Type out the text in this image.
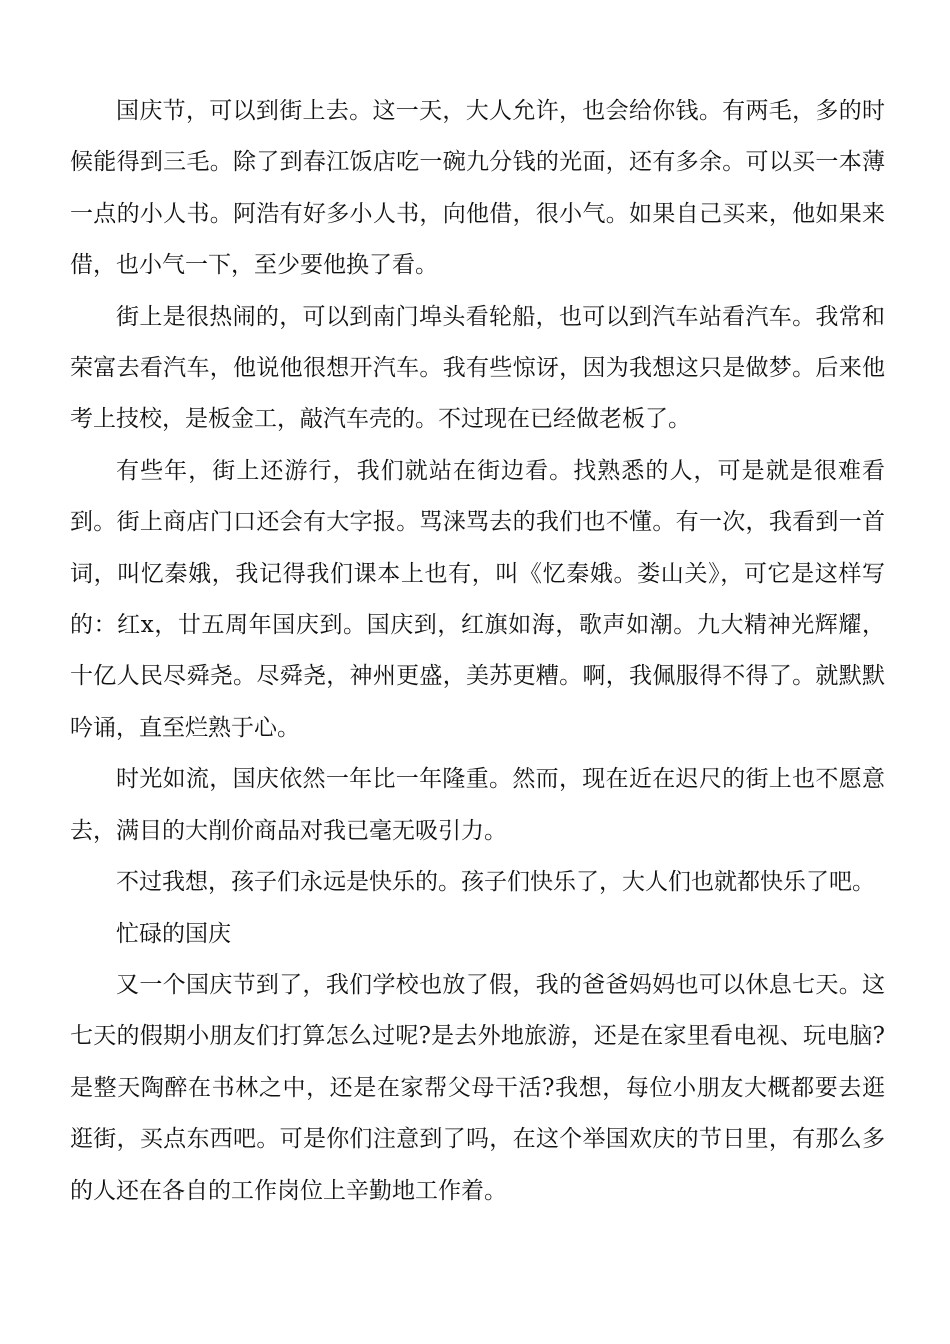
国庆节，可以到街上去。这一天，大人允许，也会给你钱。有两毛，多的时候能得到三毛。除了到春江饭店吃一碗九分钱的光面，还有多余。可以买一本薄一点的小人书。阿浩有好多小人书，向他借，很小气。如果自己买来，他如果来借，也小气一下，至少要他换了看。

街上是很热闹的，可以到南门埠头看轮船，也可以到汽车站看汽车。我常和荣富去看汽车，他说他很想开汽车。我有些惊讶，因为我想这只是做梦。后来他考上技校，是板金工，敲汽车壳的。不过现在已经做老板了。

有些年，街上还游行，我们就站在街边看。找熟悉的人，可是就是很难看到。街上商店门口还会有大字报。骂涞骂去的我们也不懂。有一次，我看到一首词，叫忆秦娥，我记得我们课本上也有，叫《忆秦娥。娄山关》，可它是这样写的：红x，廿五周年国庆到。国庆到，红旗如海，歌声如潮。九大精神光辉耀，十亿人民尽舜尧。尽舜尧，神州更盛，美苏更糟。啊，我佩服得不得了。就默默吟诵，直至烂熟于心。

时光如流，国庆依然一年比一年隆重。然而，现在近在迟尺的街上也不愿意去，满目的大削价商品对我已毫无吸引力。

不过我想，孩子们永远是快乐的。孩子们快乐了，大人们也就都快乐了吧。

忙碌的国庆

又一个国庆节到了，我们学校也放了假，我的爸爸妈妈也可以休息七天。这七天的假期小朋友们打算怎么过呢?是去外地旅游，还是在家里看电视、玩电脑?是整天陶醉在书林之中，还是在家帮父母干活?我想，每位小朋友大概都要去逛逛街，买点东西吧。可是你们注意到了吗，在这个举国欢庆的节日里，有那么多的人还在各自的工作岗位上辛勤地工作着。
